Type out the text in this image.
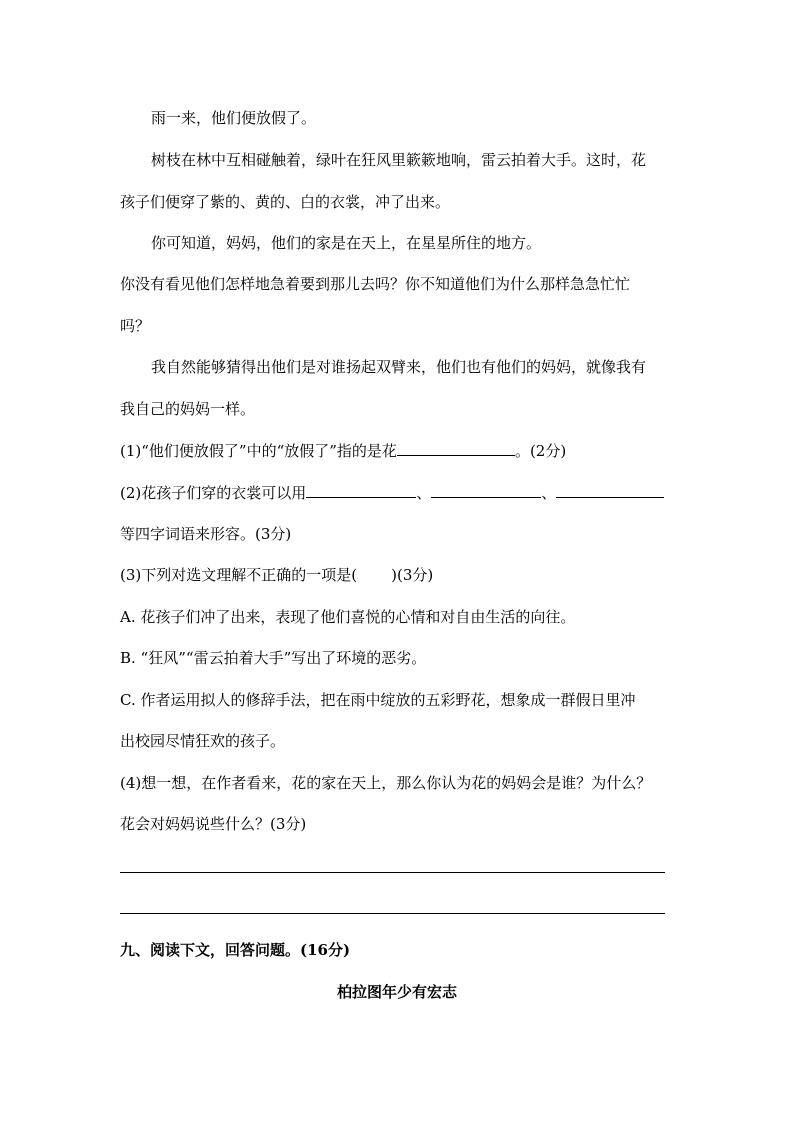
雨一来，他们便放假了。
树枝在林中互相碰触着，绿叶在狂风里簌簌地响，雷云拍着大手。这时，花
孩子们便穿了紫的、黄的、白的衣裳，冲了出来。
你可知道，妈妈，他们的家是在天上，在星星所住的地方。
你没有看见他们怎样地急着要到那儿去吗？你不知道他们为什么那样急急忙忙
吗？
我自然能够猜得出他们是对谁扬起双臂来，他们也有他们的妈妈，就像我有
我自己的妈妈一样。
(1)“他们便放假了”中的“放假了”指的是花	。(2分)
(2)花孩子们穿的衣裳可以用	、	、
等四字词语来形容。(3分)
(3)下列对选文理解不正确的一项是( )(3分)
A. 花孩子们冲了出来，表现了他们喜悦的心情和对自由生活的向往。
B. “狂风”“雷云拍着大手”写出了环境的恶劣。
C. 作者运用拟人的修辞手法，把在雨中绽放的五彩野花，想象成一群假日里冲
出校园尽情狂欢的孩子。
(4)想一想，在作者看来，花的家在天上，那么你认为花的妈妈会是谁？为什么？
花会对妈妈说些什么？(3分)
九、阅读下文，回答问题。(16分)
柏拉图年少有宏志
